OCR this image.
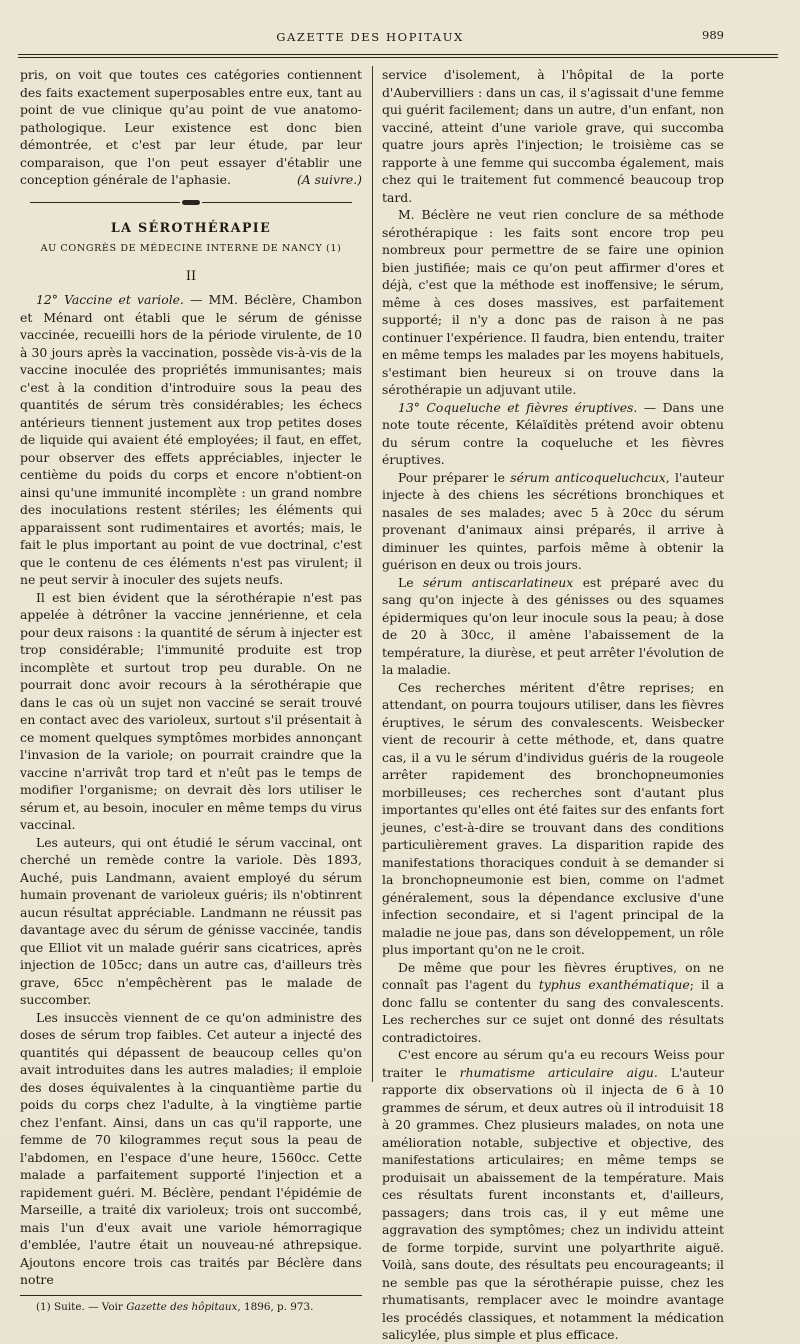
GAZETTE DES HOPITAUX	989

pris, on voit que toutes ces catégories contiennent des faits exactement superposables entre eux, tant au point de vue clinique qu'au point de vue anatomo-pathologique. Leur existence est donc bien démontrée, et c'est par leur étude, par leur comparaison, que l'on peut essayer d'établir une conception générale de l'aphasie.	(A suivre.)

LA SÉROTHÉRAPIE
AU CONGRÈS DE MÉDECINE INTERNE DE NANCY (1)
II

12° Vaccine et variole. — MM. Béclère, Chambon et Ménard ont établi que le sérum de génisse vaccinée, recueilli hors de la période virulente, de 10 à 30 jours après la vaccination, possède vis-à-vis de la vaccine inoculée des propriétés immunisantes; mais c'est à la condition d'introduire sous la peau des quantités de sérum très considérables; les échecs antérieurs tiennent justement aux trop petites doses de liquide qui avaient été employées; il faut, en effet, pour observer des effets appréciables, injecter le centième du poids du corps et encore n'obtient-on ainsi qu'une immunité incomplète : un grand nombre des inoculations restent stériles; les éléments qui apparaissent sont rudimentaires et avortés; mais, le fait le plus important au point de vue doctrinal, c'est que le contenu de ces éléments n'est pas virulent; il ne peut servir à inoculer des sujets neufs.

Il est bien évident que la sérothérapie n'est pas appelée à détrôner la vaccine jennérienne, et cela pour deux raisons : la quantité de sérum à injecter est trop considérable; l'immunité produite est trop incomplète et surtout trop peu durable. On ne pourrait donc avoir recours à la sérothérapie que dans le cas où un sujet non vacciné se serait trouvé en contact avec des varioleux, surtout s'il présentait à ce moment quelques symptômes morbides annonçant l'invasion de la variole; on pourrait craindre que la vaccine n'arrivât trop tard et n'eût pas le temps de modifier l'organisme; on devrait dès lors utiliser le sérum et, au besoin, inoculer en même temps du virus vaccinal.

Les auteurs, qui ont étudié le sérum vaccinal, ont cherché un remède contre la variole. Dès 1893, Auché, puis Landmann, avaient employé du sérum humain provenant de varioleux guéris; ils n'obtinrent aucun résultat appréciable. Landmann ne réussit pas davantage avec du sérum de génisse vaccinée, tandis que Elliot vit un malade guérir sans cicatrices, après injection de 105cc; dans un autre cas, d'ailleurs très grave, 65cc n'empêchèrent pas le malade de succomber.

Les insuccès viennent de ce qu'on administre des doses de sérum trop faibles. Cet auteur a injecté des quantités qui dépassent de beaucoup celles qu'on avait introduites dans les autres maladies; il emploie des doses équivalentes à la cinquantième partie du poids du corps chez l'adulte, à la vingtième partie chez l'enfant. Ainsi, dans un cas qu'il rapporte, une femme de 70 kilogrammes reçut sous la peau de l'abdomen, en l'espace d'une heure, 1560cc. Cette malade a parfaitement supporté l'injection et a rapidement guéri. M. Béclère, pendant l'épidémie de Marseille, a traité dix varioleux; trois ont succombé, mais l'un d'eux avait une variole hémorragique d'emblée, l'autre était un nouveau-né athrepsique. Ajoutons encore trois cas traités par Béclère dans notre

(1) Suite. — Voir Gazette des hôpitaux, 1896, p. 973.

service d'isolement, à l'hôpital de la porte d'Aubervilliers : dans un cas, il s'agissait d'une femme qui guérit facilement; dans un autre, d'un enfant, non vacciné, atteint d'une variole grave, qui succomba quatre jours après l'injection; le troisième cas se rapporte à une femme qui succomba également, mais chez qui le traitement fut commencé beaucoup trop tard.

M. Béclère ne veut rien conclure de sa méthode sérothérapique : les faits sont encore trop peu nombreux pour permettre de se faire une opinion bien justifiée; mais ce qu'on peut affirmer d'ores et déjà, c'est que la méthode est inoffensive; le sérum, même à ces doses massives, est parfaitement supporté; il n'y a donc pas de raison à ne pas continuer l'expérience. Il faudra, bien entendu, traiter en même temps les malades par les moyens habituels, s'estimant bien heureux si on trouve dans la sérothérapie un adjuvant utile.

13° Coqueluche et fièvres éruptives. — Dans une note toute récente, Kélaïditès prétend avoir obtenu du sérum contre la coqueluche et les fièvres éruptives.

Pour préparer le sérum anticoqueluchcux, l'auteur injecte à des chiens les sécrétions bronchiques et nasales de ses malades; avec 5 à 20cc du sérum provenant d'animaux ainsi préparés, il arrive à diminuer les quintes, parfois même à obtenir la guérison en deux ou trois jours.

Le sérum antiscarlatineux est préparé avec du sang qu'on injecte à des génisses ou des squames épidermiques qu'on leur inocule sous la peau; à dose de 20 à 30cc, il amène l'abaissement de la température, la diurèse, et peut arrêter l'évolution de la maladie.

Ces recherches méritent d'être reprises; en attendant, on pourra toujours utiliser, dans les fièvres éruptives, le sérum des convalescents. Weisbecker vient de recourir à cette méthode, et, dans quatre cas, il a vu le sérum d'individus guéris de la rougeole arrêter rapidement des bronchopneumonies morbilleuses; ces recherches sont d'autant plus importantes qu'elles ont été faites sur des enfants fort jeunes, c'est-à-dire se trouvant dans des conditions particulièrement graves. La disparition rapide des manifestations thoraciques conduit à se demander si la bronchopneumonie est bien, comme on l'admet généralement, sous la dépendance exclusive d'une infection secondaire, et si l'agent principal de la maladie ne joue pas, dans son développement, un rôle plus important qu'on ne le croit.

De même que pour les fièvres éruptives, on ne connaît pas l'agent du typhus exanthématique; il a donc fallu se contenter du sang des convalescents. Les recherches sur ce sujet ont donné des résultats contradictoires.

C'est encore au sérum qu'a eu recours Weiss pour traiter le rhumatisme articulaire aigu. L'auteur rapporte dix observations où il injecta de 6 à 10 grammes de sérum, et deux autres où il introduisit 18 à 20 grammes. Chez plusieurs malades, on nota une amélioration notable, subjective et objective, des manifestations articulaires; en même temps se produisait un abaissement de la température. Mais ces résultats furent inconstants et, d'ailleurs, passagers; dans trois cas, il y eut même une aggravation des symptômes; chez un individu atteint de forme torpide, survint une polyarthrite aiguë. Voilà, sans doute, des résultats peu encourageants; il ne semble pas que la sérothérapie puisse, chez les rhumatisants, remplacer avec le moindre avantage les procédés classiques, et notamment la médication salicylée, plus simple et plus efficace.
